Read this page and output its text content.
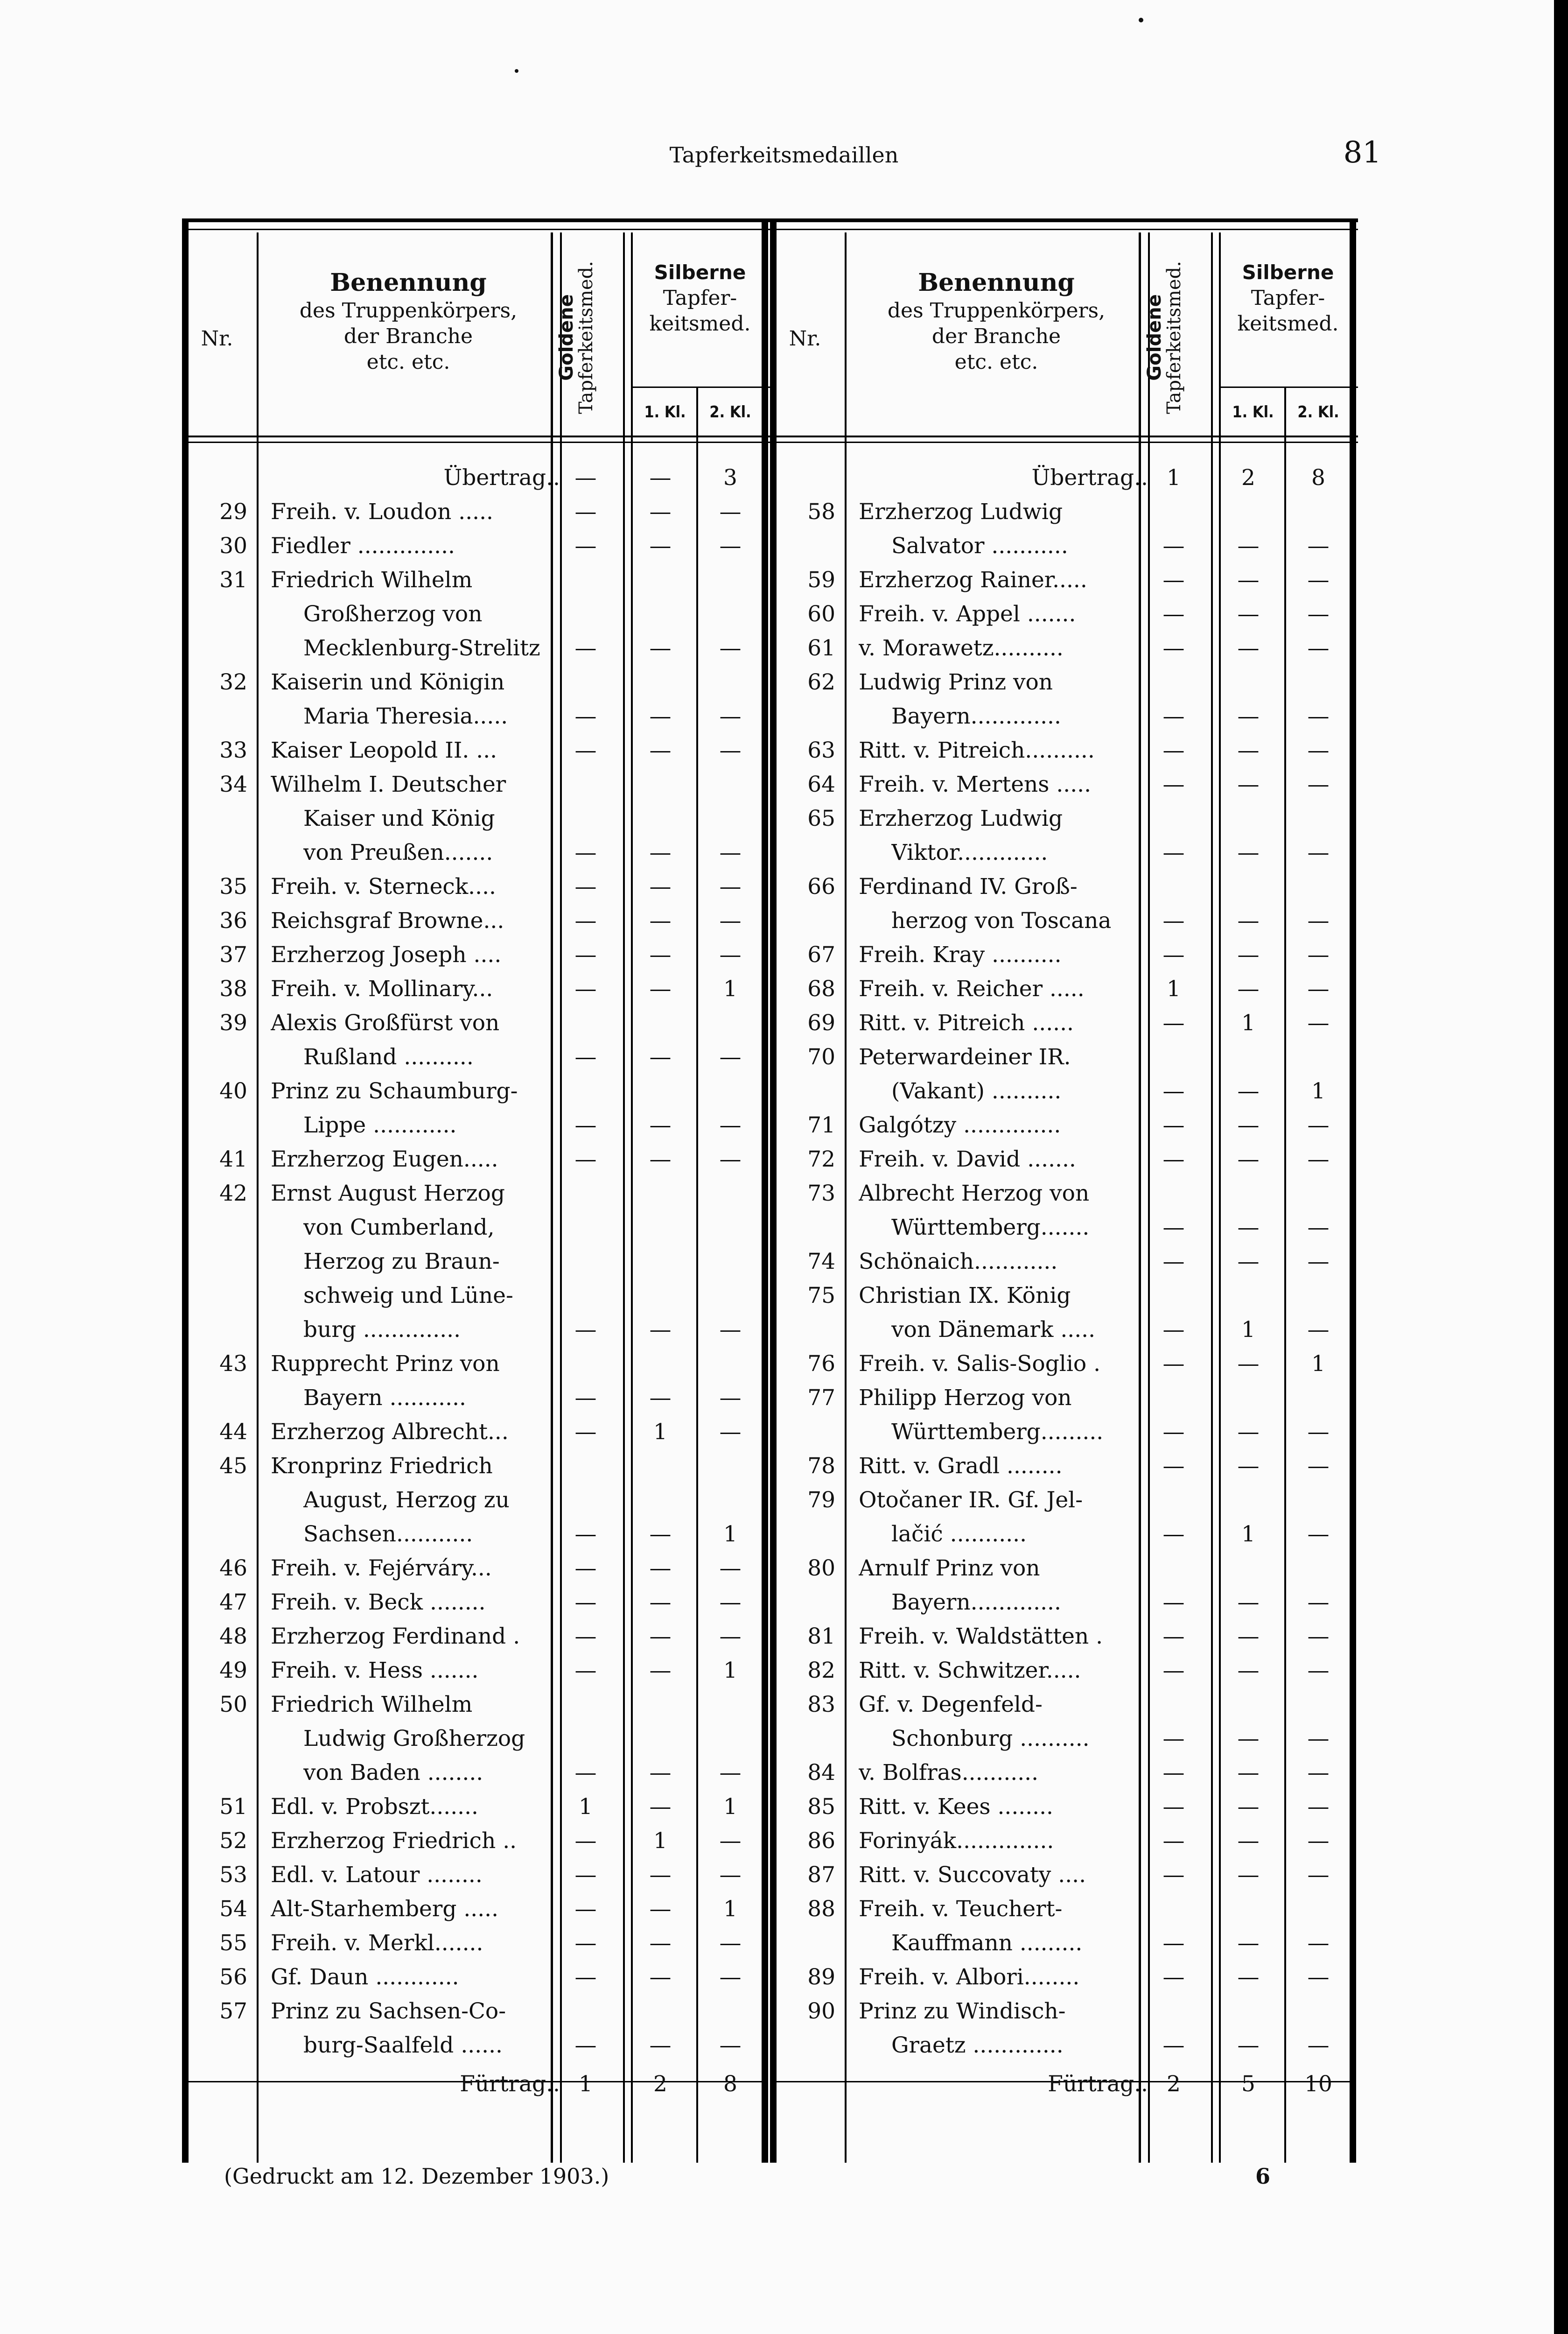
Tapferkeitsmedaillen	81
Nr.
Benennung
des Truppenkörpers,
der Branche
etc. etc.	Goldene
Tapferkeitsmed.	Silberne
Tapfer-
keitsmed.
1. Kl.	2. Kl.
Übertrag.. —	—	3
29 Freih. v. Loudon .....	—	—	—
30 Fiedler ..............	—	—	—
31 Friedrich Wilhelm
Großherzog von
Mecklenburg-Strelitz	—	—	—
32 Kaiserin und Königin
Maria Theresia.....	—	—	—
33 Kaiser Leopold II. ...	—	—	—
34 Wilhelm I. Deutscher
Kaiser und König
von Preußen.......	—	—	—
35 Freih. v. Sterneck....	—	—	—
36 Reichsgraf Browne...	—	—	—
37 Erzherzog Joseph ....	—	—	—
38 Freih. v. Mollinary...	—	—	1
39 Alexis Großfürst von
Rußland ..........	—	—	—
40 Prinz zu Schaumburg-
Lippe ............	—	—	—
41 Erzherzog Eugen.....	—	—	—
42 Ernst August Herzog
von Cumberland,
Herzog zu Braun-
schweig und Lüne-
burg ..............	—	—	—
43 Rupprecht Prinz von
Bayern ...........	—	—	—
44 Erzherzog Albrecht...	—	1	—
45 Kronprinz Friedrich
August, Herzog zu
Sachsen...........	—	—	1
46 Freih. v. Fejérváry...	—	—	—
47 Freih. v. Beck ........	—	—	—
48 Erzherzog Ferdinand .	—	—	—
49 Freih. v. Hess .......	—	—	1
50 Friedrich Wilhelm
Ludwig Großherzog
von Baden ........	—	—	—
51 Edl. v. Probszt.......	1	—	1
52 Erzherzog Friedrich ..	—	1	—
53 Edl. v. Latour ........	—	—	—
54 Alt-Starhemberg .....	—	—	1
55 Freih. v. Merkl.......	—	—	—
56 Gf. Daun ............	—	—	—
57 Prinz zu Sachsen-Co-
burg-Saalfeld ......	—	—	—
Fürtrag.. 1	2	8
Nr.
Benennung
des Truppenkörpers,
der Branche
etc. etc.	Goldene
Tapferkeitsmed.	Silberne
Tapfer-
keitsmed.
1. Kl.	2. Kl.
Übertrag.. 1	2	8
58 Erzherzog Ludwig
Salvator ...........	—	—	—
59 Erzherzog Rainer.....	—	—	—
60 Freih. v. Appel .......	—	—	—
61 v. Morawetz..........	—	—	—
62 Ludwig Prinz von
Bayern.............	—	—	—
63 Ritt. v. Pitreich..........	—	—	—
64 Freih. v. Mertens .....	—	—	—
65 Erzherzog Ludwig
Viktor.............	—	—	—
66 Ferdinand IV. Groß-
herzog von Toscana	—	—	—
67 Freih. Kray ..........	—	—	—
68 Freih. v. Reicher .....	1	—	—
69 Ritt. v. Pitreich ......	—	1	—
70 Peterwardeiner IR.
(Vakant) ..........	—	—	1
71 Galgótzy ..............	—	—	—
72 Freih. v. David .......	—	—	—
73 Albrecht Herzog von
Württemberg.......	—	—	—
74 Schönaich............	—	—	—
75 Christian IX. König
von Dänemark .....	—	1	—
76 Freih. v. Salis-Soglio .	—	—	1
77 Philipp Herzog von
Württemberg.........	—	—	—
78 Ritt. v. Gradl ........	—	—	—
79 Otočaner IR. Gf. Jel-
lačić ...........	—	1	—
80 Arnulf Prinz von
Bayern.............	—	—	—
81 Freih. v. Waldstätten .	—	—	—
82 Ritt. v. Schwitzer.....	—	—	—
83 Gf. v. Degenfeld-
Schonburg ..........	—	—	—
84 v. Bolfras...........	—	—	—
85 Ritt. v. Kees ........	—	—	—
86 Forinyák..............	—	—	—
87 Ritt. v. Succovaty ....	—	—	—
88 Freih. v. Teuchert-
Kauffmann .........	—	—	—
89 Freih. v. Albori........	—	—	—
90 Prinz zu Windisch-
Graetz .............	—	—	—
Fürtrag.. 2	5	10
(Gedruckt am 12. Dezember 1903.)	6
